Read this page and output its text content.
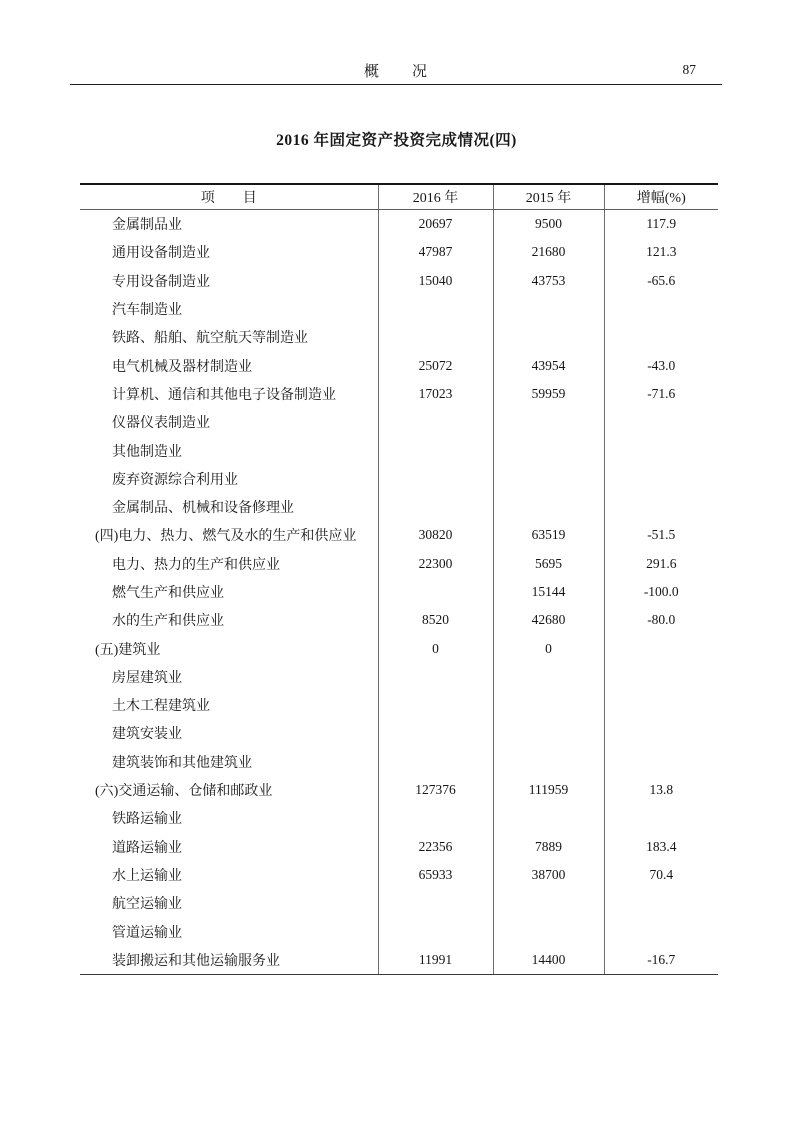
概　　况	87
2016 年固定资产投资完成情况(四)
项　　目	2016 年	2015 年	增幅(%)
金属制品业	20697	9500	117.9
通用设备制造业	47987	21680	121.3
专用设备制造业	15040	43753	-65.6
汽车制造业			
铁路、船舶、航空航天等制造业			
电气机械及器材制造业	25072	43954	-43.0
计算机、通信和其他电子设备制造业	17023	59959	-71.6
仪器仪表制造业			
其他制造业			
废弃资源综合利用业			
金属制品、机械和设备修理业			
(四)电力、热力、燃气及水的生产和供应业	30820	63519	-51.5
电力、热力的生产和供应业	22300	5695	291.6
燃气生产和供应业		15144	-100.0
水的生产和供应业	8520	42680	-80.0
(五)建筑业	0	0	
房屋建筑业			
土木工程建筑业			
建筑安装业			
建筑装饰和其他建筑业			
(六)交通运输、仓储和邮政业	127376	111959	13.8
铁路运输业			
道路运输业	22356	7889	183.4
水上运输业	65933	38700	70.4
航空运输业			
管道运输业			
装卸搬运和其他运输服务业	11991	14400	-16.7
